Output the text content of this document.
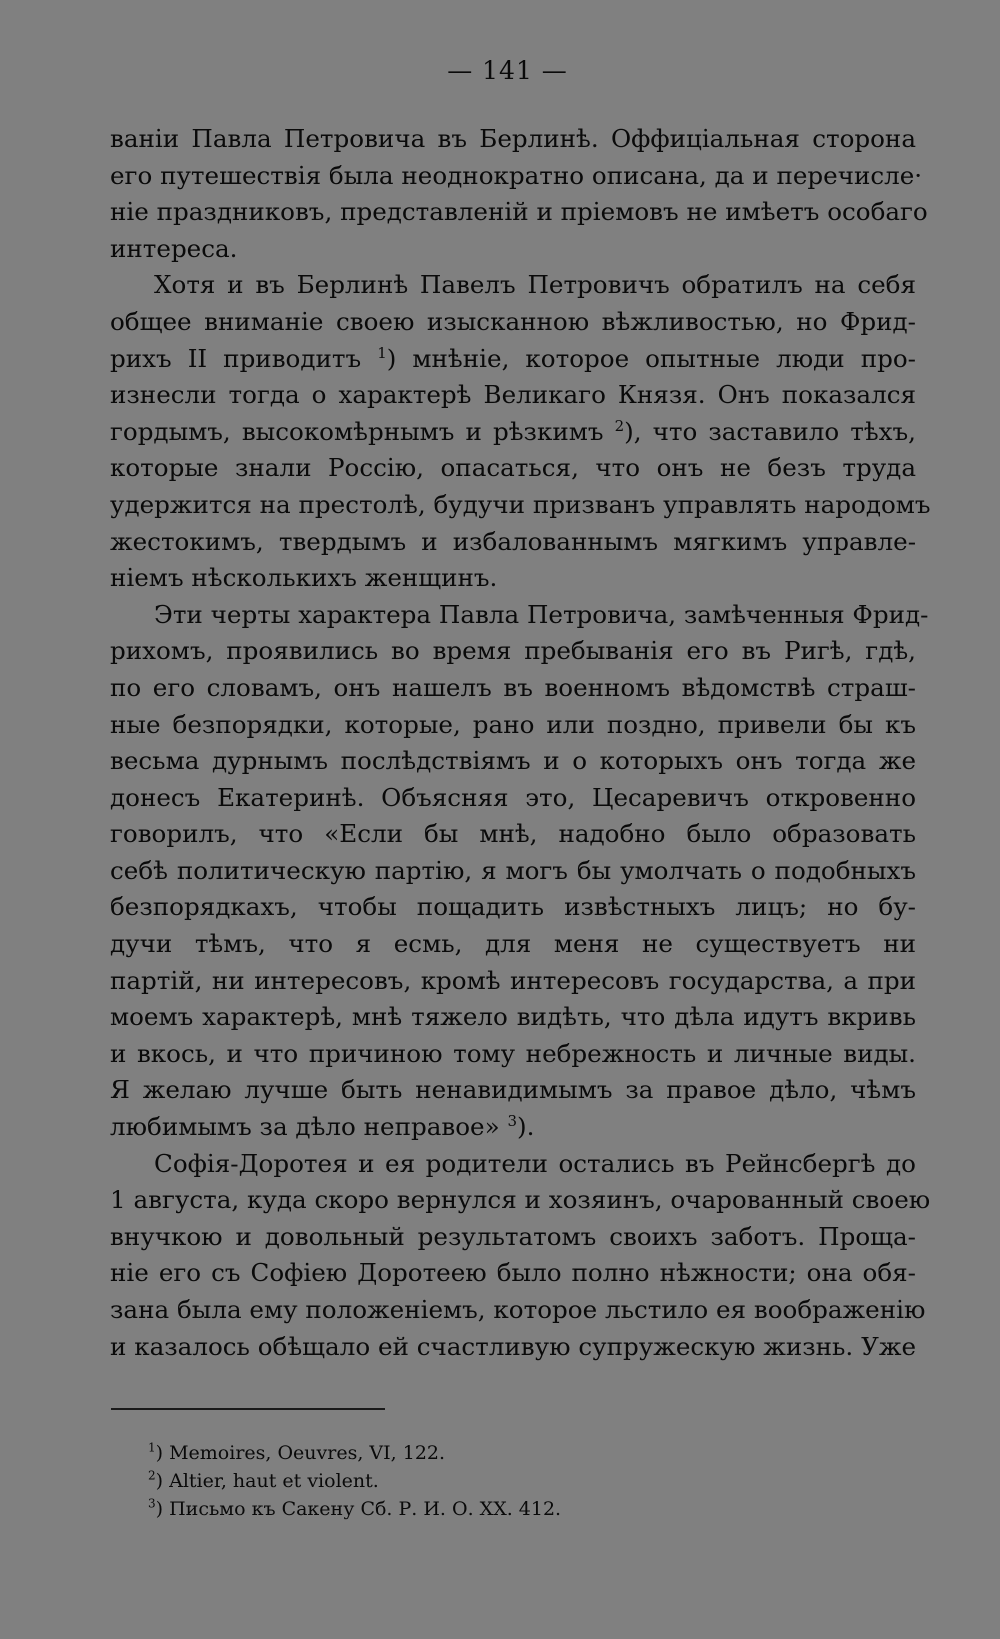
— 141 —
ваніи Павла Петровича въ Берлинѣ. Оффиціальная сторона
его путешествія была неоднократно описана, да и перечисле·
ніе праздниковъ, представленій и пріемовъ не имѣетъ особаго
интереса.
Хотя и въ Берлинѣ Павелъ Петровичъ обратилъ на себя
общее вниманіе своею изысканною вѣжливостью, но Фрид-
рихъ II приводитъ $^1$) мнѣніе, которое опытные люди про-
изнесли тогда о характерѣ Великаго Князя. Онъ показался
гордымъ, высокомѣрнымъ и рѣзкимъ $^2$), что заставило тѣхъ,
которые знали Россію, опасаться, что онъ не безъ труда
удержится на престолѣ, будучи призванъ управлять народомъ
жестокимъ, твердымъ и избалованнымъ мягкимъ управле-
ніемъ нѣсколькихъ женщинъ.
Эти черты характера Павла Петровича, замѣченныя Фрид-
рихомъ, проявились во время пребыванія его въ Ригѣ, гдѣ,
по его словамъ, онъ нашелъ въ военномъ вѣдомствѣ страш-
ные безпорядки, которые, рано или поздно, привели бы къ
весьма дурнымъ послѣдствіямъ и о которыхъ онъ тогда же
донесъ Екатеринѣ. Объясняя это, Цесаревичъ откровенно
говорилъ, что «Если бы мнѣ, надобно было образовать
себѣ политическую партію, я могъ бы умолчать о подобныхъ
безпорядкахъ, чтобы пощадить извѣстныхъ лицъ; но бу-
дучи тѣмъ, что я есмь, для меня не существуетъ ни
партій, ни интересовъ, кромѣ интересовъ государства, а при
моемъ характерѣ, мнѣ тяжело видѣть, что дѣла идутъ вкривь
и вкось, и что причиною тому небрежность и личные виды.
Я желаю лучше быть ненавидимымъ за правое дѣло, чѣмъ
любимымъ за дѣло неправое» $^3$).
Софія-Доротея и ея родители остались въ Рейнсбергѣ до
1 августа, куда скоро вернулся и хозяинъ, очарованный своею
внучкою и довольный результатомъ своихъ заботъ. Проща-
ніе его съ Софіею Доротеею было полно нѣжности; она обя-
зана была ему положеніемъ, которое льстило ея воображенію
и казалось обѣщало ей счастливую супружескую жизнь. Уже
$^1$) Memoires, Oeuvres, VI, 122.
$^2$) Altier, haut et violent.
$^3$) Письмо къ Сакену Сб. Р. И. О. XX. 412.
